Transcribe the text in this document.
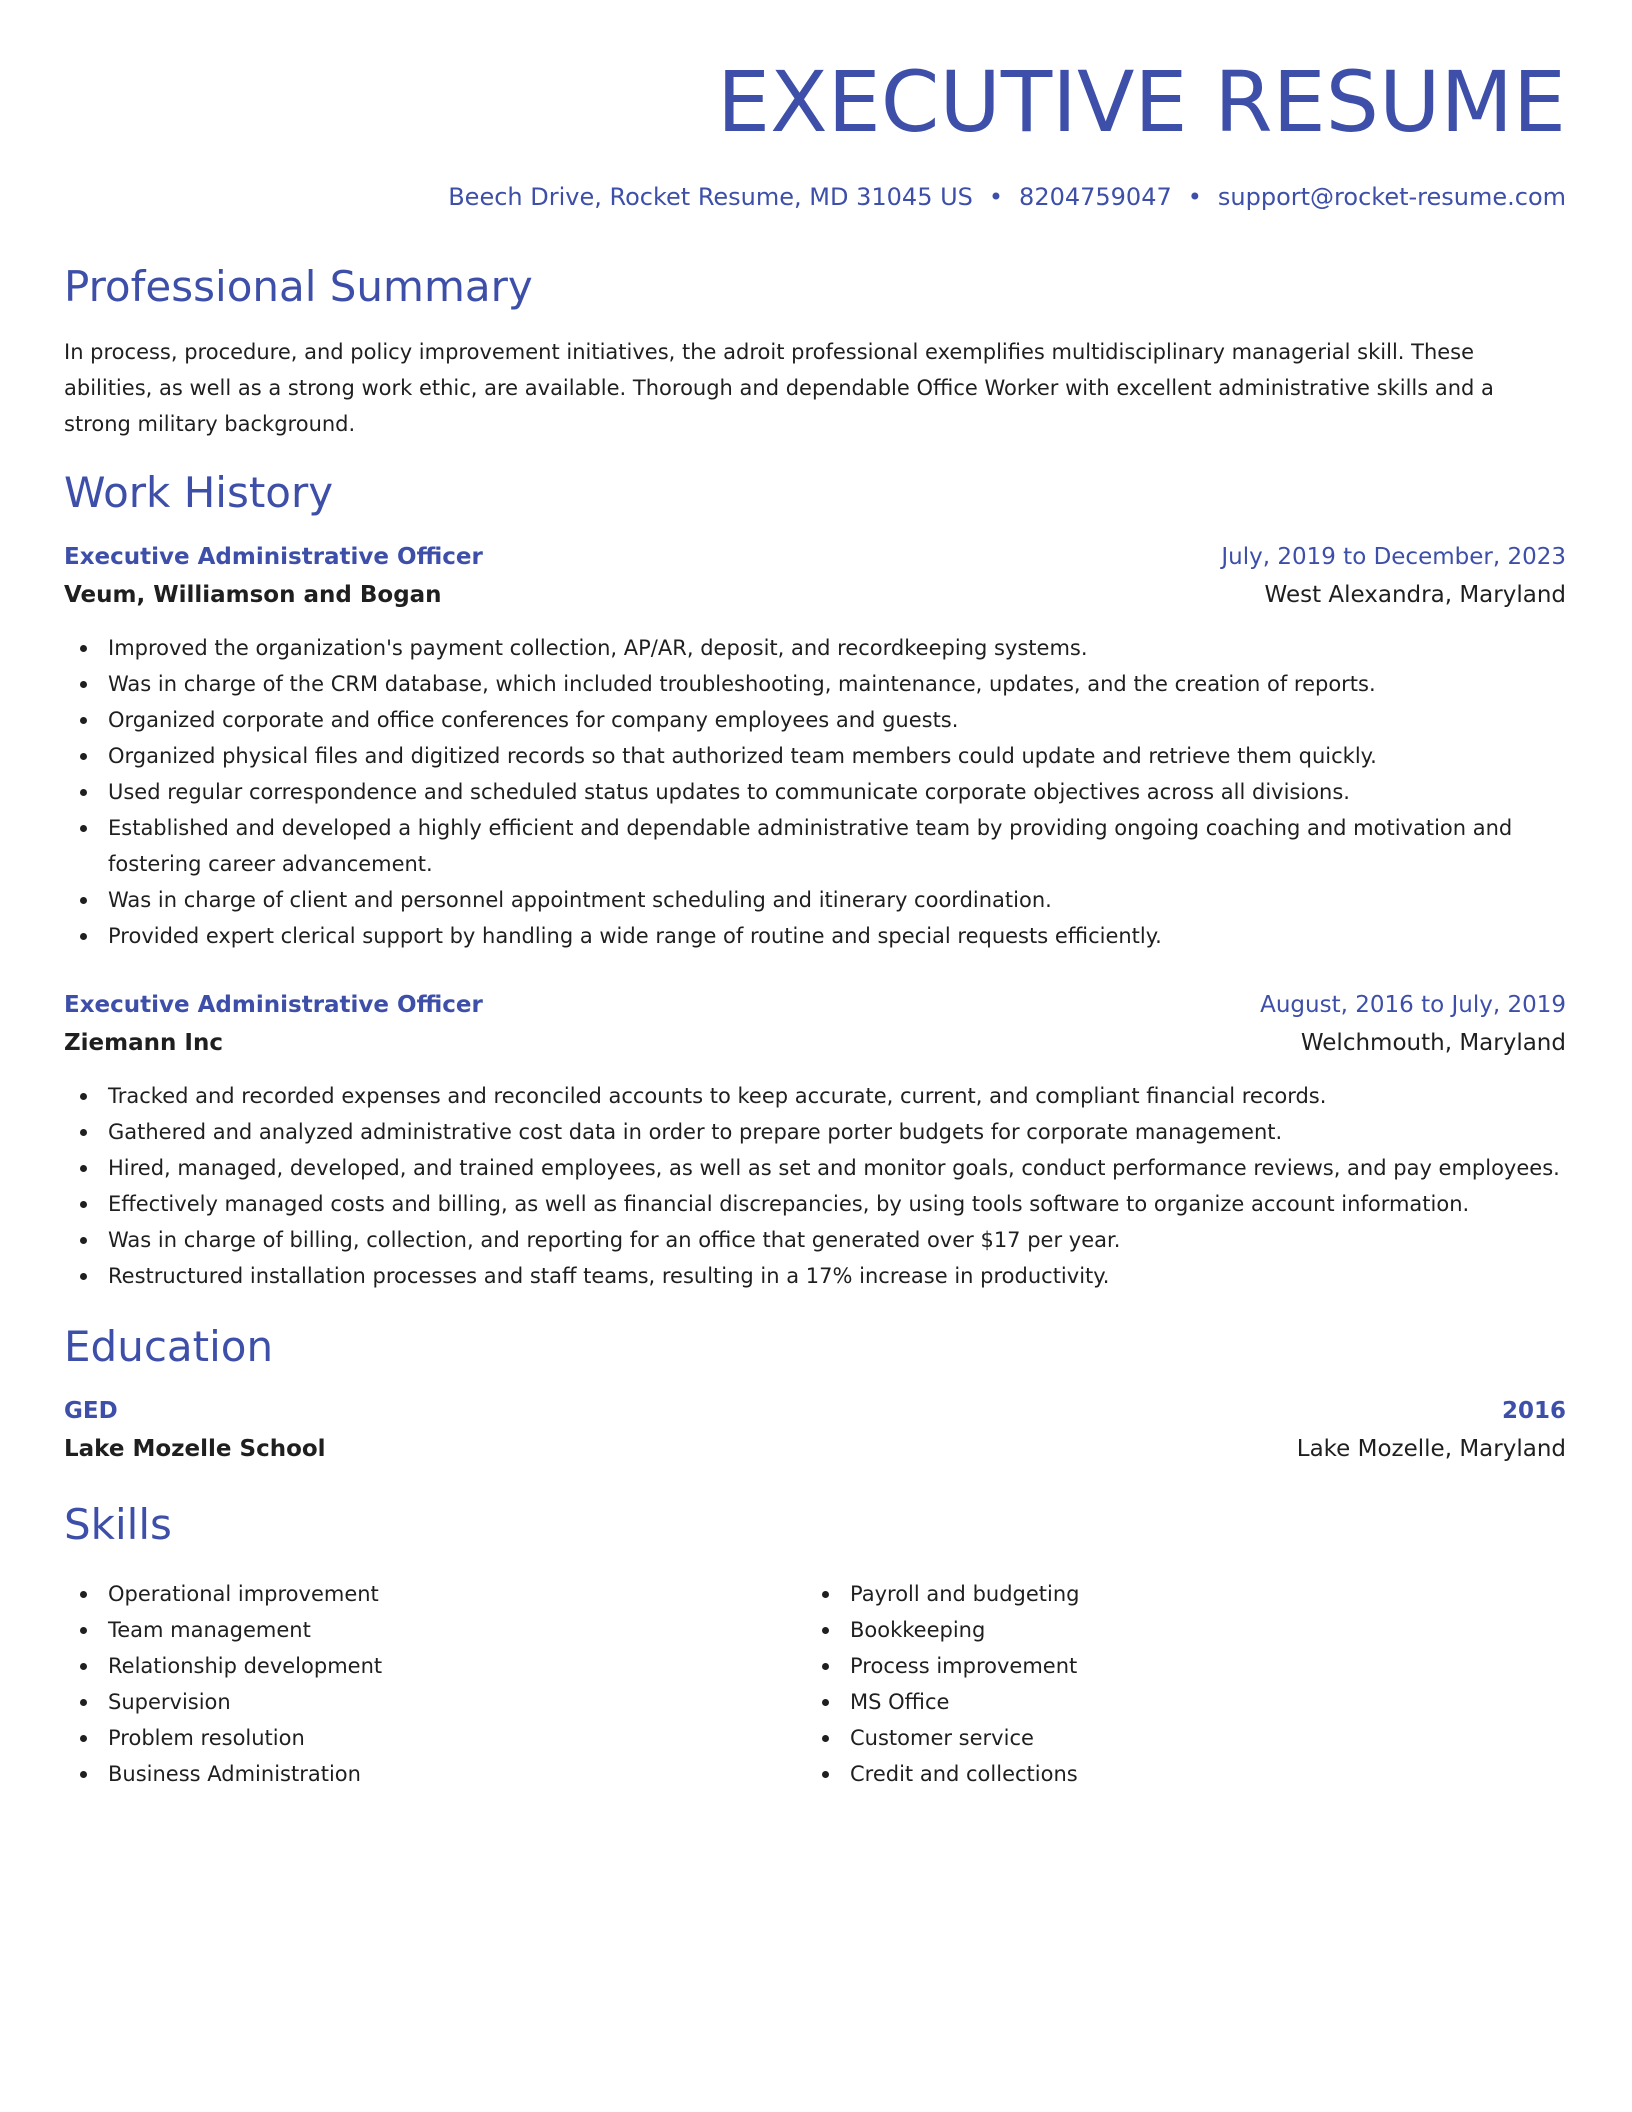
EXECUTIVE RESUME
Beech Drive, Rocket Resume, MD 31045 US • 8204759047 • support@rocket-resume.com
Professional Summary
In process, procedure, and policy improvement initiatives, the adroit professional exemplifies multidisciplinary managerial skill. These abilities, as well as a strong work ethic, are available. Thorough and dependable Office Worker with excellent administrative skills and a strong military background.
Work History
Executive Administrative Officer	July, 2019 to December, 2023
Veum, Williamson and Bogan	West Alexandra, Maryland
Improved the organization's payment collection, AP/AR, deposit, and recordkeeping systems.
Was in charge of the CRM database, which included troubleshooting, maintenance, updates, and the creation of reports.
Organized corporate and office conferences for company employees and guests.
Organized physical files and digitized records so that authorized team members could update and retrieve them quickly.
Used regular correspondence and scheduled status updates to communicate corporate objectives across all divisions.
Established and developed a highly efficient and dependable administrative team by providing ongoing coaching and motivation and fostering career advancement.
Was in charge of client and personnel appointment scheduling and itinerary coordination.
Provided expert clerical support by handling a wide range of routine and special requests efficiently.
Executive Administrative Officer	August, 2016 to July, 2019
Ziemann Inc	Welchmouth, Maryland
Tracked and recorded expenses and reconciled accounts to keep accurate, current, and compliant financial records.
Gathered and analyzed administrative cost data in order to prepare porter budgets for corporate management.
Hired, managed, developed, and trained employees, as well as set and monitor goals, conduct performance reviews, and pay employees.
Effectively managed costs and billing, as well as financial discrepancies, by using tools software to organize account information.
Was in charge of billing, collection, and reporting for an office that generated over $17 per year.
Restructured installation processes and staff teams, resulting in a 17% increase in productivity.
Education
GED	2016
Lake Mozelle School	Lake Mozelle, Maryland
Skills
Operational improvement
Team management
Relationship development
Supervision
Problem resolution
Business Administration
Payroll and budgeting
Bookkeeping
Process improvement
MS Office
Customer service
Credit and collections
